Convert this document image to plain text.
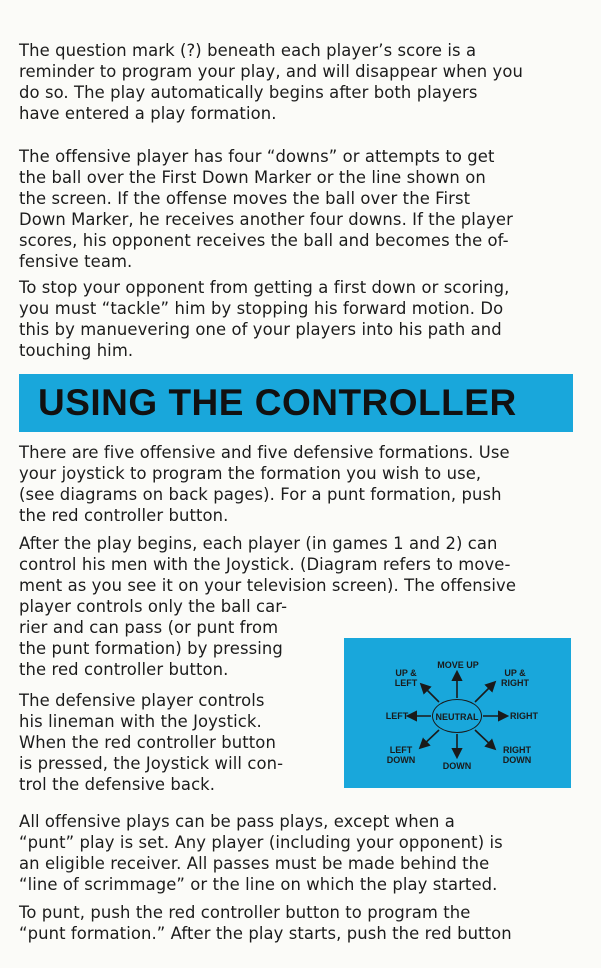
The question mark (?) beneath each player’s score is a
reminder to program your play, and will disappear when you
do so. The play automatically begins after both players
have entered a play formation.

The offensive player has four “downs” or attempts to get
the ball over the First Down Marker or the line shown on
the screen. If the offense moves the ball over the First
Down Marker, he receives another four downs. If the player
scores, his opponent receives the ball and becomes the of-
fensive team.

To stop your opponent from getting a first down or scoring,
you must “tackle” him by stopping his forward motion. Do
this by manuevering one of your players into his path and
touching him.

USING THE CONTROLLER

There are five offensive and five defensive formations. Use
your joystick to program the formation you wish to use,
(see diagrams on back pages). For a punt formation, push
the red controller button.

After the play begins, each player (in games 1 and 2) can
control his men with the Joystick. (Diagram refers to move-
ment as you see it on your television screen). The offensive
player controls only the ball car-
rier and can pass (or punt from
the punt formation) by pressing
the red controller button.

The defensive player controls
his lineman with the Joystick.
When the red controller button
is pressed, the Joystick will con-
trol the defensive back.

NEUTRAL
MOVE UP
UP &
LEFT
UP &
RIGHT
LEFT	RIGHT
LEFT
DOWN
RIGHT
DOWN
DOWN

All offensive plays can be pass plays, except when a
“punt” play is set. Any player (including your opponent) is
an eligible receiver. All passes must be made behind the
“line of scrimmage” or the line on which the play started.

To punt, push the red controller button to program the
“punt formation.” After the play starts, push the red button
